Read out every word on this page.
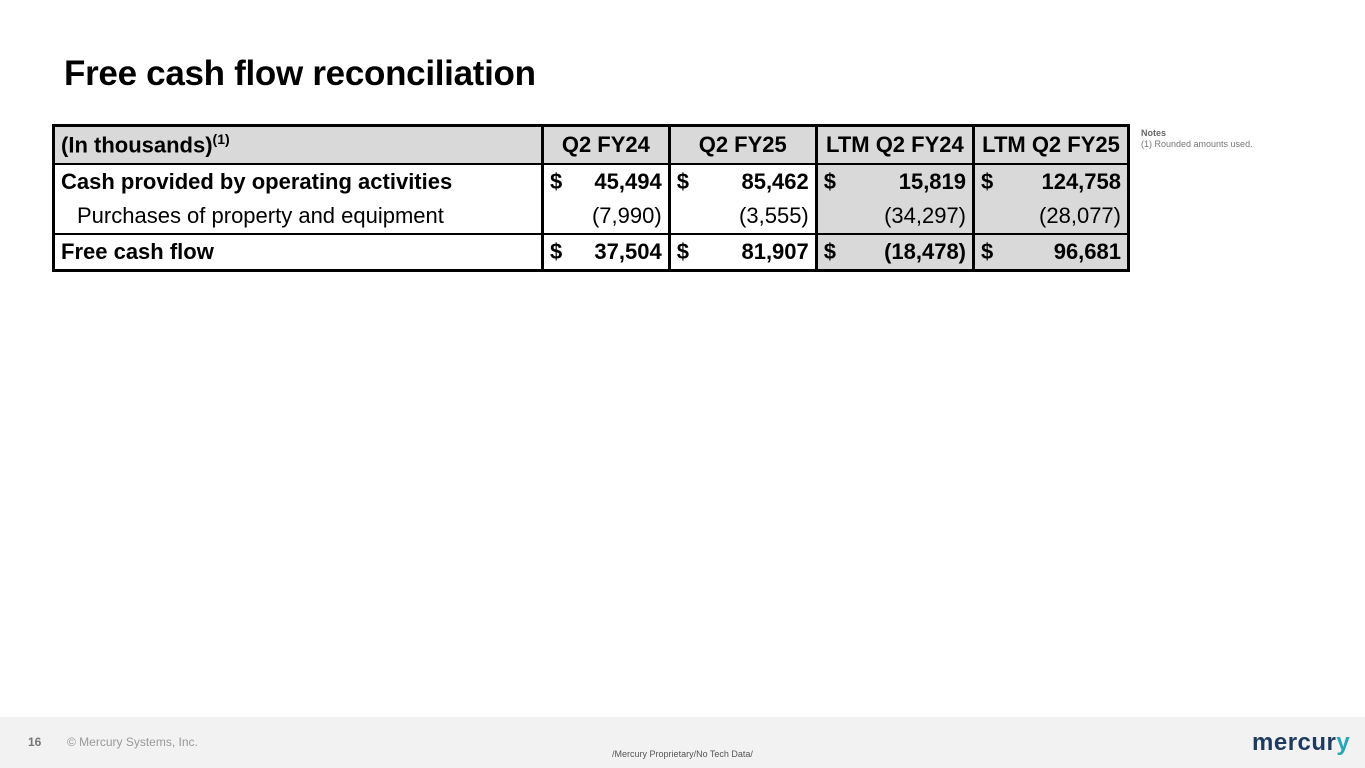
Free cash flow reconciliation
(In thousands)$^{(1)}$	Q2 FY24		Q2 FY25		LTM Q2 FY24		LTM Q2 FY25	
Cash provided by operating activities	$	45,494	$	85,462	$	15,819	$	124,758
Purchases of property and equipment		(7,990)		(3,555)		(34,297)		(28,077)
Free cash flow	$	37,504	$	81,907	$	(18,478)	$	96,681
Notes
(1) Rounded amounts used.
16 © Mercury Systems, Inc.
/Mercury Proprietary/No Tech Data/	mercury
